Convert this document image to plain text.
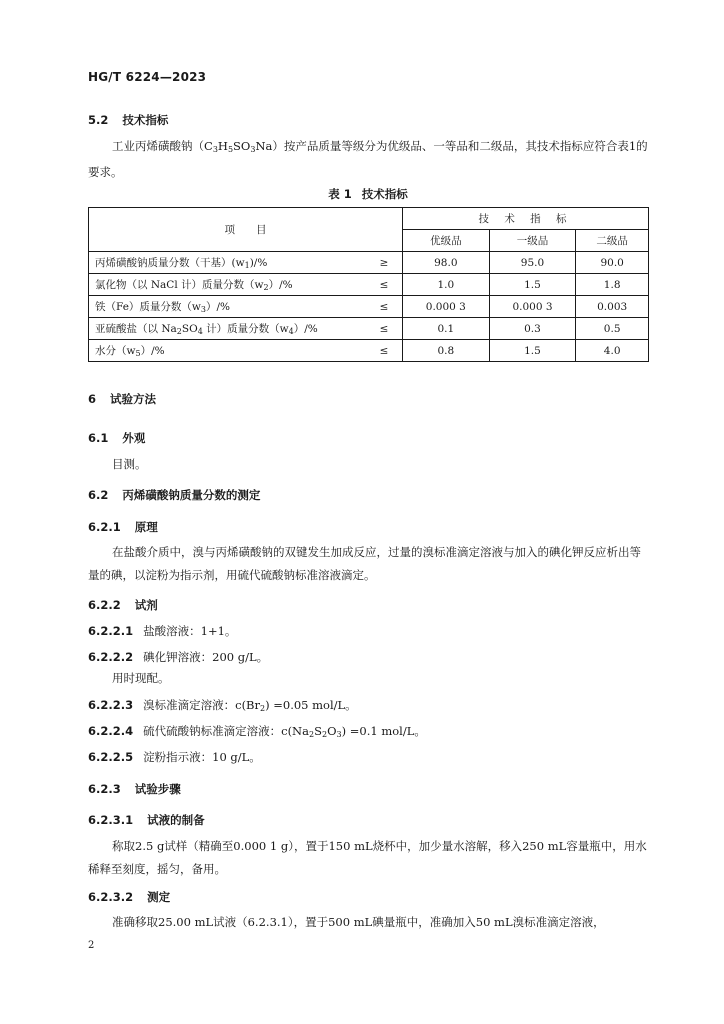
HG/T 6224—2023
5.2 技术指标
工业丙烯磺酸钠$(C_3H_5SO_3Na)$按产品质量等级分为优级品、一等品和二级品，其技术指标应符合表1的要求。
表 1 技术指标
项　　目		技 术 指 标		
		优级品	一级品	二级品
丙烯磺酸钠质量分数（干基）$(w_1)/\%$	≥	98.0	95.0	90.0
氯化物（以 NaCl 计）质量分数$(w_2)/\%$	≤	1.0	1.5	1.8
铁（Fe）质量分数$(w_3)/\%$	≤	0.000 3	0.000 3	0.003
亚硫酸盐（以 $Na_2SO_4$ 计）质量分数$(w_4)/\%$	≤	0.1	0.3	0.5
水分$(w_5)/\%$	≤	0.8	1.5	4.0
6 试验方法
6.1 外观
目测。
6.2 丙烯磺酸钠质量分数的测定
6.2.1 原理
在盐酸介质中，溴与丙烯磺酸钠的双键发生加成反应，过量的溴标准滴定溶液与加入的碘化钾反应析出等量的碘，以淀粉为指示剂，用硫代硫酸钠标准溶液滴定。
6.2.2 试剂
6.2.2.1 盐酸溶液：1+1。
6.2.2.2 碘化钾溶液：200 g/L。
用时现配。
6.2.2.3 溴标准滴定溶液：$c(Br_2) =0.05$ mol/L。
6.2.2.4 硫代硫酸钠标准滴定溶液：$c(Na_2S_2O_3) =0.1$ mol/L。
6.2.2.5 淀粉指示液：10 g/L。
6.2.3 试验步骤
6.2.3.1 试液的制备
称取2.5 g试样（精确至0.000 1 g），置于150 mL烧杯中，加少量水溶解，移入250 mL容量瓶中，用水稀释至刻度，摇匀，备用。
6.2.3.2 测定
准确移取25.00 mL试液（6.2.3.1），置于500 mL碘量瓶中，准确加入50 mL溴标准滴定溶液，
2
